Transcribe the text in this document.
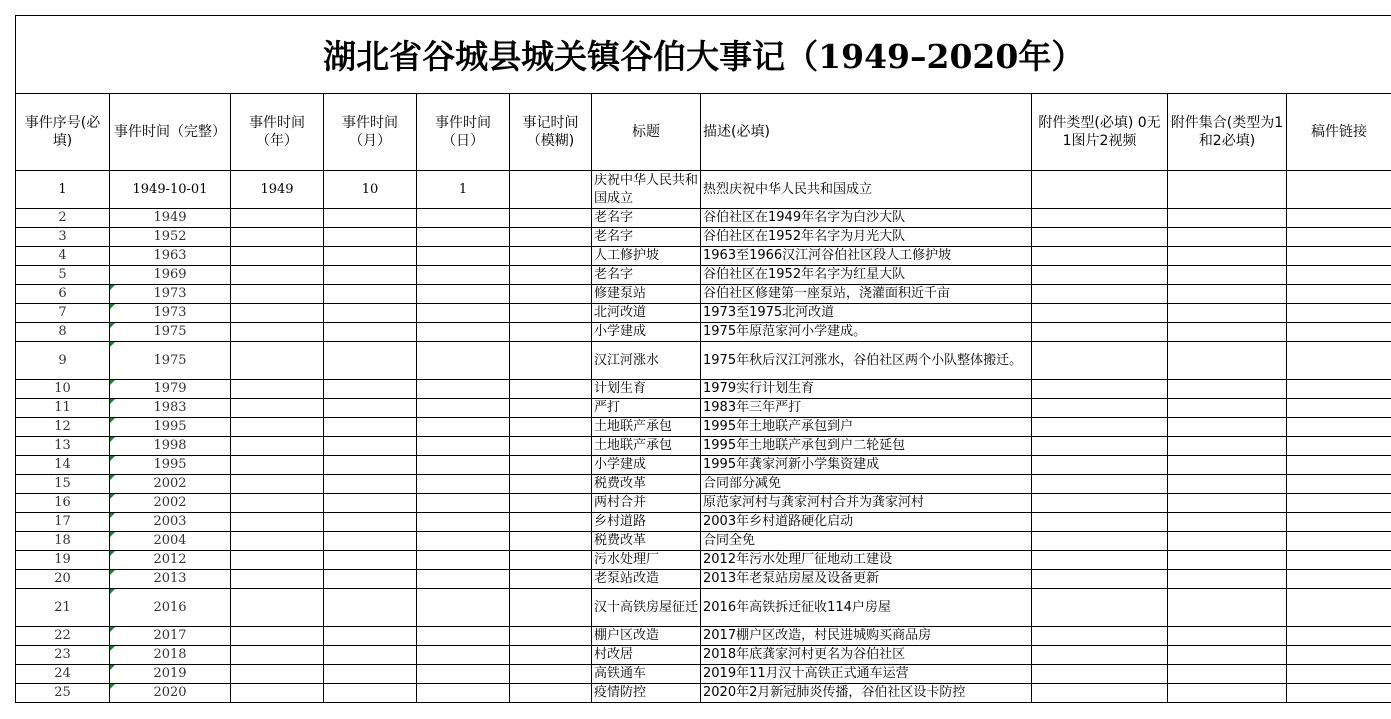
湖北省谷城县城关镇谷伯大事记（1949–2020年）										
事件序号(必填)	事件时间（完整）	事件时间（年）	事件时间（月）	事件时间（日）	事记时间（模糊)	标题	描述(必填)	附件类型(必填) 0无1图片2视频	附件集合(类型为1和2必填)	稿件链接
1	1949-10-01	1949	10	1		庆祝中华人民共和国成立	热烈庆祝中华人民共和国成立			
2	1949					老名字	谷伯社区在1949年名字为白沙大队			
3	1952					老名字	谷伯社区在1952年名字为月光大队			
4	1963					人工修护坡	1963至1966汉江河谷伯社区段人工修护坡			
5	1969					老名字	谷伯社区在1952年名字为红星大队			
6	1973					修建泵站	谷伯社区修建第一座泵站，浇灌面积近千亩			
7	1973					北河改道	1973至1975北河改道			
8	1975					小学建成	1975年原范家河小学建成。			
9	1975					汉江河涨水	1975年秋后汉江河涨水，谷伯社区两个小队整体搬迁。			
10	1979					计划生育	1979实行计划生育			
11	1983					严打	1983年三年严打			
12	1995					土地联产承包	1995年土地联产承包到户			
13	1998					土地联产承包	1995年土地联产承包到户二轮延包			
14	1995					小学建成	1995年龚家河新小学集资建成			
15	2002					税费改革	合同部分减免			
16	2002					两村合并	原范家河村与龚家河村合并为龚家河村			
17	2003					乡村道路	2003年乡村道路硬化启动			
18	2004					税费改革	合同全免			
19	2012					污水处理厂	2012年污水处理厂征地动工建设			
20	2013					老泵站改造	2013年老泵站房屋及设备更新			
21	2016					汉十高铁房屋征迁	2016年高铁拆迁征收114户房屋			
22	2017					棚户区改造	2017棚户区改造，村民进城购买商品房			
23	2018					村改居	2018年底龚家河村更名为谷伯社区			
24	2019					高铁通车	2019年11月汉十高铁正式通车运营			
25	2020					疫情防控	2020年2月新冠肺炎传播，谷伯社区设卡防控			
